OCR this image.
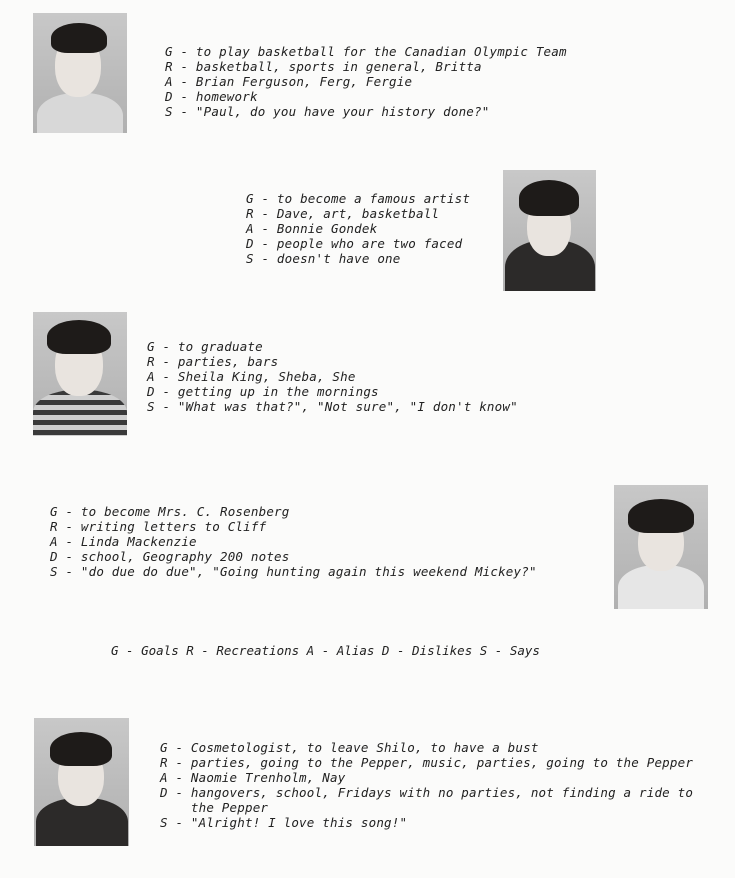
G - to play basketball for the Canadian Olympic Team
R - basketball, sports in general, Britta
A - Brian Ferguson, Ferg, Fergie
D - homework
S - "Paul, do you have your history done?"
G - to become a famous artist
R - Dave, art, basketball
A - Bonnie Gondek
D - people who are two faced
S - doesn't have one
G - to graduate
R - parties, bars
A - Sheila King, Sheba, She
D - getting up in the mornings
S - "What was that?", "Not sure", "I don't know"
G - to become Mrs. C. Rosenberg
R - writing letters to Cliff
A - Linda Mackenzie
D - school, Geography 200 notes
S - "do due do due", "Going hunting again this weekend Mickey?"
G - Goals R - Recreations A - Alias D - Dislikes S - Says
G - Cosmetologist, to leave Shilo, to have a bust
R - parties, going to the Pepper, music, parties, going to the Pepper
A - Naomie Trenholm, Nay
D - hangovers, school, Fridays with no parties, not finding a ride to
the Pepper
S - "Alright! I love this song!"
